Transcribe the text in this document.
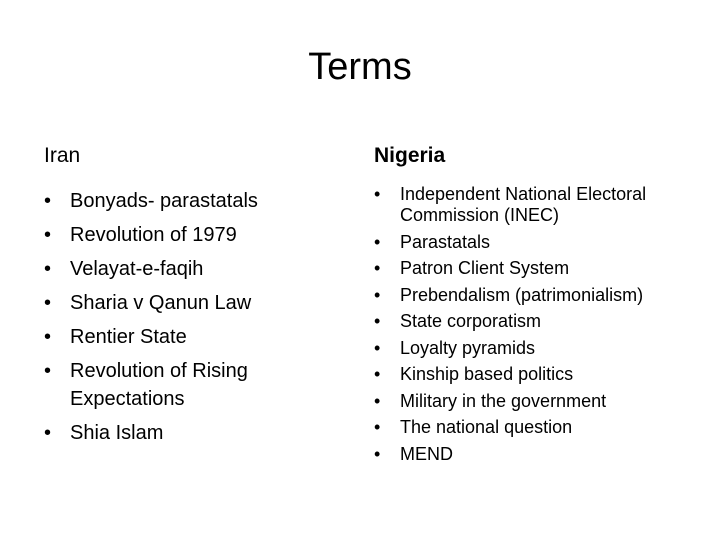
Terms
Iran
• Bonyads- parastatals
• Revolution of 1979
• Velayat-e-faqih
• Sharia v Qanun Law
• Rentier State
• Revolution of Rising Expectations
• Shia Islam
Nigeria
• Independent National Electoral Commission (INEC)
• Parastatals
• Patron Client System
• Prebendalism (patrimonialism)
• State corporatism
• Loyalty pyramids
• Kinship based politics
• Military in the government
• The national question
• MEND
